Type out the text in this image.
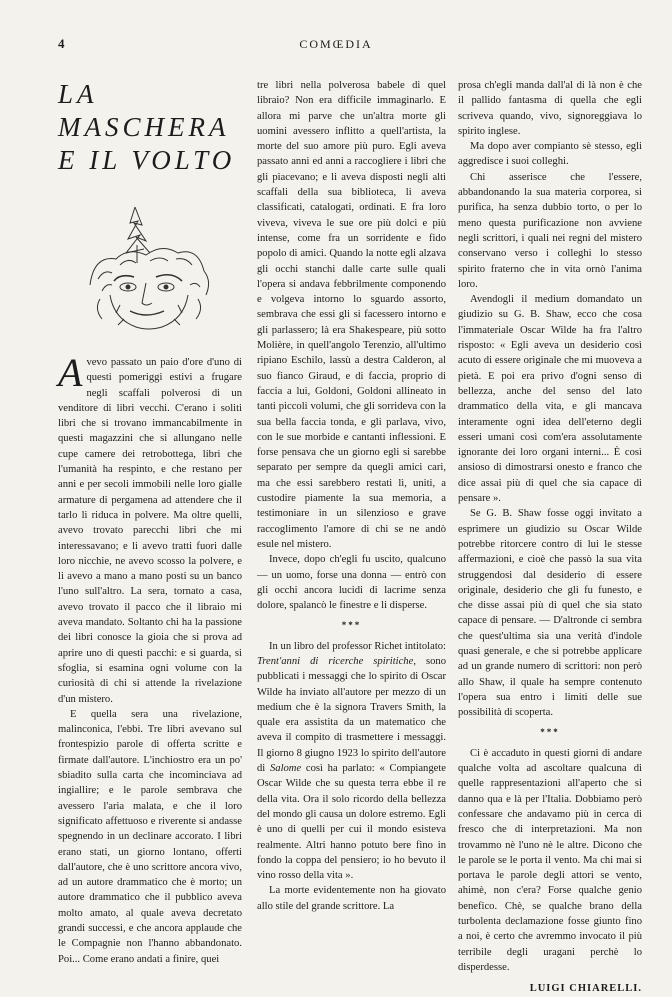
4	COMŒDIA
LA MASCHERA
E IL VOLTO

Avevo passato un paio d'ore d'uno di questi pomeriggi estivi a frugare negli scaffali polverosi di un venditore di libri vecchi. C'erano i soliti libri che si trovano immancabilmente in questi magazzini che si allungano nelle cupe camere dei retrobottega, libri che l'umanità ha respinto, e che restano per anni e per secoli immobili nelle loro gialle armature di pergamena ad attendere che il tarlo li riduca in polvere. Ma oltre quelli, avevo trovato parecchi libri che mi interessavano; e li avevo tratti fuori dalle loro nicchie, ne avevo scosso la polvere, e li avevo a mano a mano posti su un banco l'uno sull'altro. La sera, tornato a casa, avevo trovato il pacco che il libraio mi aveva mandato. Soltanto chi ha la passione dei libri conosce la gioia che si prova ad aprire uno di questi pacchi: e si guarda, si sfoglia, si esamina ogni volume con la curiosità di chi si attende la rivelazione d'un mistero.

E quella sera una rivelazione, malinconica, l'ebbi. Tre libri avevano sul frontespizio parole di offerta scritte e firmate dall'autore. L'inchiostro era un po' sbiadito sulla carta che incominciava ad ingiallire; e le parole sembrava che avessero l'aria malata, e che il loro significato affettuoso e riverente si andasse spegnendo in un declinare accorato. I libri erano stati, un giorno lontano, offerti dall'autore, che è uno scrittore ancora vivo, ad un autore drammatico che è morto; un autore drammatico che il pubblico aveva molto amato, al quale aveva decretato grandi successi, e che ancora applaude che le Compagnie non l'hanno abbandonato. Poi... Come erano andati a finire, quei

tre libri nella polverosa babele di quel libraio? Non era difficile immaginarlo. E allora mi parve che un'altra morte gli uomini avessero inflitto a quell'artista, la morte del suo amore più puro. Egli aveva passato anni ed anni a raccogliere i libri che gli piacevano; e li aveva disposti negli alti scaffali della sua biblioteca, li aveva classificati, catalogati, ordinati. E fra loro viveva, viveva le sue ore più dolci e più intense, come fra un sorridente e fido popolo di amici. Quando la notte egli alzava gli occhi stanchi dalle carte sulle quali l'opera si andava febbrilmente componendo e volgeva intorno lo sguardo assorto, sembrava che essi gli si facessero intorno e gli parlassero; là era Shakespeare, più sotto Molière, in quell'angolo Terenzio, all'ultimo ripiano Eschilo, lassù a destra Calderon, al suo fianco Giraud, e di faccia, proprio di faccia a lui, Goldoni, Goldoni allineato in tanti piccoli volumi, che gli sorrideva con la sua bella faccia tonda, e gli parlava, vivo, con le sue morbide e cantanti inflessioni. E forse pensava che un giorno egli si sarebbe separato per sempre da quegli amici cari, ma che essi sarebbero restati lì, uniti, a custodire piamente la sua memoria, a testimoniare in un silenzioso e grave raccoglimento l'amore di chi se ne andò esule nel mistero.

Invece, dopo ch'egli fu uscito, qualcuno — un uomo, forse una donna — entrò con gli occhi ancora lucidi di lacrime senza dolore, spalancò le finestre e li disperse.

***

In un libro del professor Richet intitolato: Trent'anni di ricerche spiritiche, sono pubblicati i messaggi che lo spirito di Oscar Wilde ha inviato all'autore per mezzo di un medium che è la signora Travers Smith, la quale era assistita da un matematico che aveva il compito di trasmettere i messaggi. Il giorno 8 giugno 1923 lo spirito dell'autore di Salome così ha parlato: « Compiangete Oscar Wilde che su questa terra ebbe il re della vita. Ora il solo ricordo della bellezza del mondo gli causa un dolore estremo. Egli è uno di quelli per cui il mondo esisteva realmente. Altri hanno potuto bere fino in fondo la coppa del pensiero; io ho bevuto il vino rosso della vita ».

La morte evidentemente non ha giovato allo stile del grande scrittore. La

prosa ch'egli manda dall'al di là non è che il pallido fantasma di quella che egli scriveva quando, vivo, signoreggiava lo spirito inglese.

Ma dopo aver compianto sè stesso, egli aggredisce i suoi colleghi.

Chi asserisce che l'essere, abbandonando la sua materia corporea, si purifica, ha senza dubbio torto, o per lo meno questa purificazione non avviene negli scrittori, i quali nei regni del mistero conservano verso i colleghi lo stesso spirito fraterno che in vita ornò l'anima loro.

Avendogli il medium domandato un giudizio su G. B. Shaw, ecco che cosa l'immateriale Oscar Wilde ha fra l'altro risposto: « Egli aveva un desiderio così acuto di essere originale che mi muoveva a pietà. E poi era privo d'ogni senso di bellezza, anche del senso del lato drammatico della vita, e gli mancava interamente ogni idea dell'eterno degli esseri umani così com'era assolutamente ignorante dei loro organi interni... È così ansioso di dimostrarsi onesto e franco che dice assai più di quel che sia capace di pensare ».

Se G. B. Shaw fosse oggi invitato a esprimere un giudizio su Oscar Wilde potrebbe ritorcere contro di lui le stesse affermazioni, e cioè che passò la sua vita struggendosi dal desiderio di essere originale, desiderio che gli fu funesto, e che disse assai più di quel che sia stato capace di pensare. — D'altronde ci sembra che quest'ultima sia una verità d'indole quasi generale, e che si potrebbe applicare ad un grande numero di scrittori: non però allo Shaw, il quale ha sempre contenuto l'opera sua entro i limiti delle sue possibilità di scoperta.

***

Ci è accaduto in questi giorni di andare qualche volta ad ascoltare qualcuna di quelle rappresentazioni all'aperto che si danno qua e là per l'Italia. Dobbiamo però confessare che andavamo più in cerca di fresco che di interpretazioni. Ma non trovammo nè l'uno nè le altre. Dicono che le parole se le porta il vento. Ma chi mai si portava le parole degli attori se vento, ahimè, non c'era? Forse qualche genio benefico. Chè, se qualche brano della turbolenta declamazione fosse giunto fino a noi, è certo che avremmo invocato il più terribile degli uragani perchè lo disperdesse.

LUIGI CHIARELLI.
